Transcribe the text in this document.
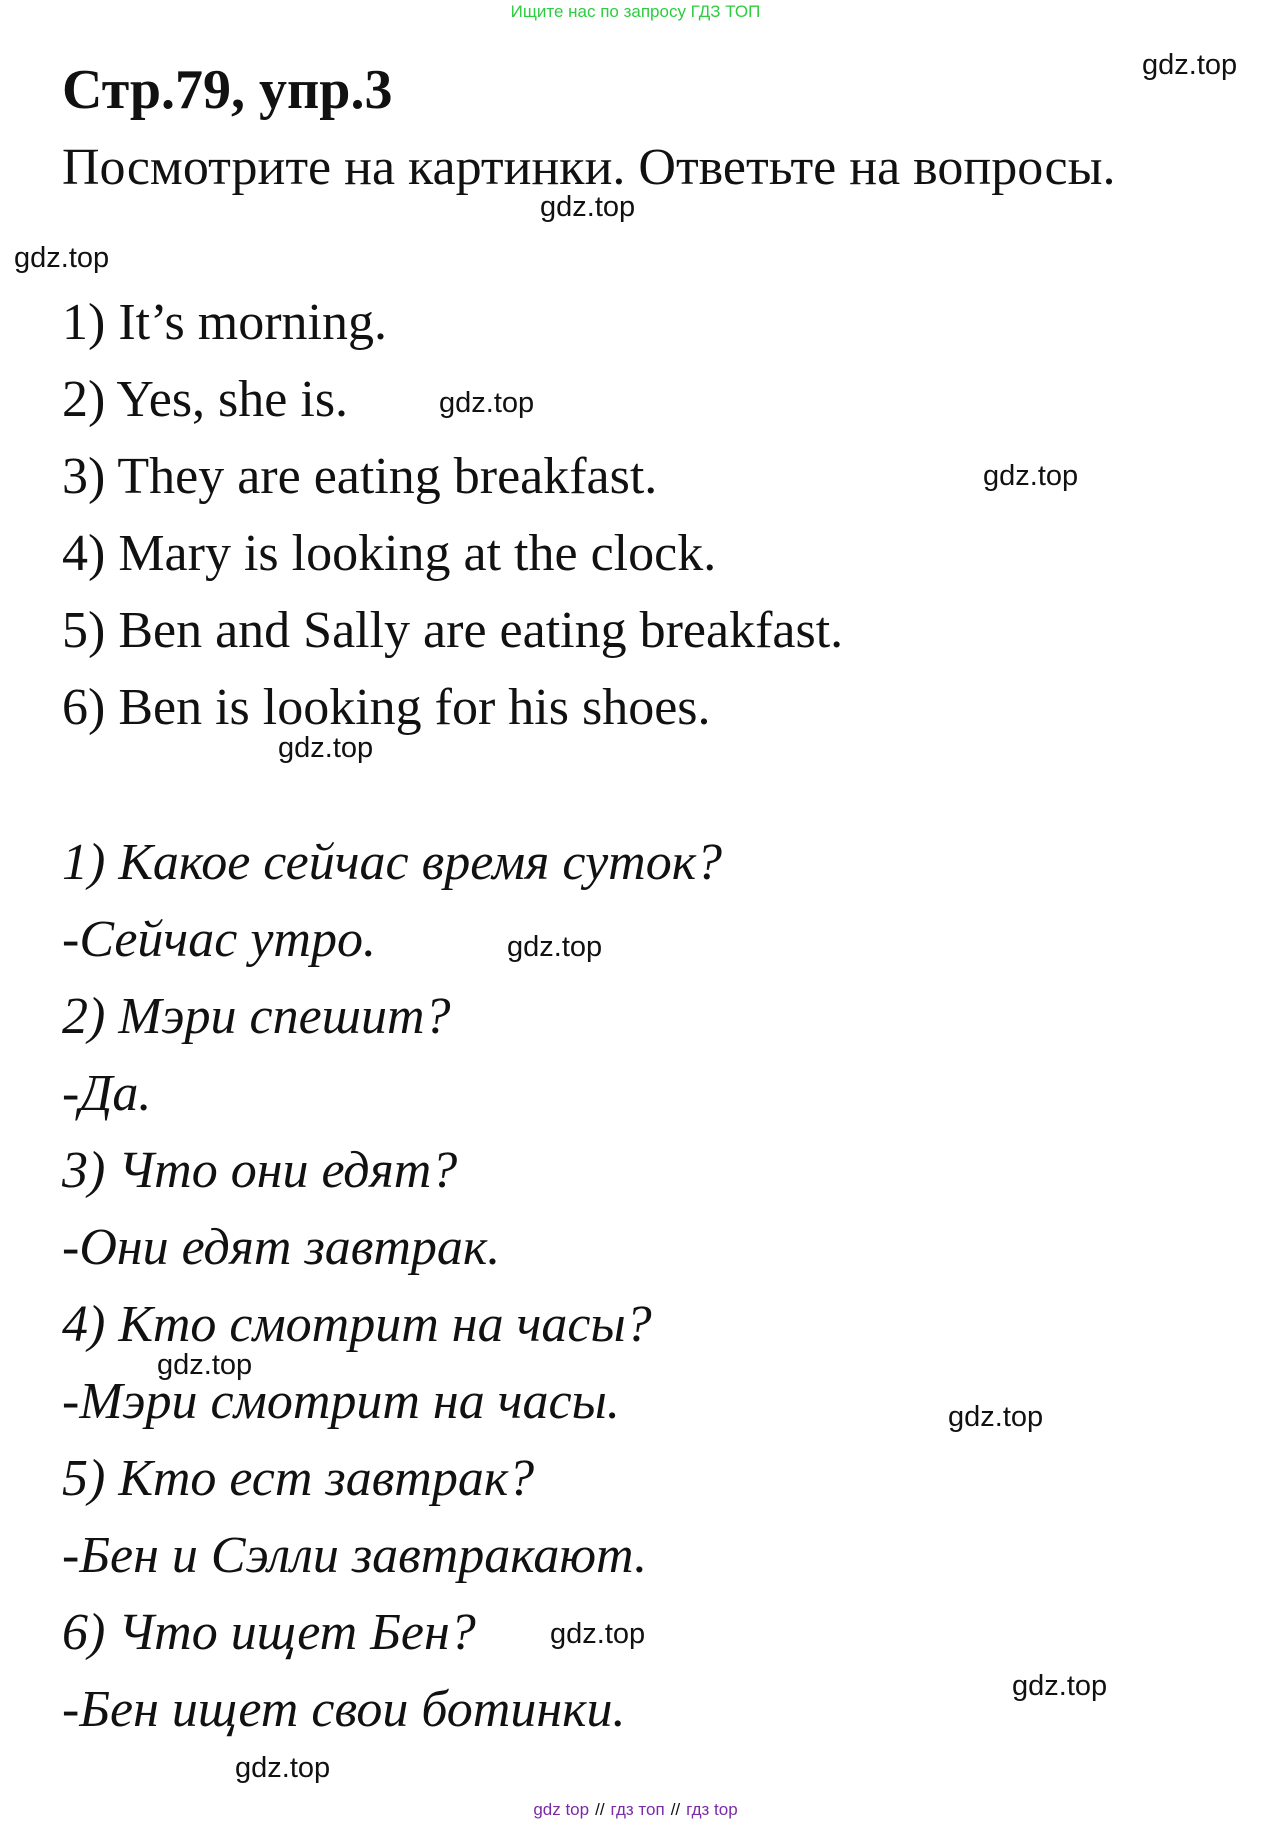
Ищите нас по запросу ГДЗ ТОП
Стр.79, упр.3
Посмотрите на картинки. Ответьте на вопросы.
1) It’s morning.
2) Yes, she is.
3) They are eating breakfast.
4) Mary is looking at the clock.
5) Ben and Sally are eating breakfast.
6) Ben is looking for his shoes.
1) Какое сейчас время суток?
-Сейчас утро.
2) Мэри спешит?
-Да.
3) Что они едят?
-Они едят завтрак.
4) Кто смотрит на часы?
-Мэри смотрит на часы.
5) Кто ест завтрак?
-Бен и Сэлли завтракают.
6) Что ищет Бен?
-Бен ищет свои ботинки.
gdz.top
gdz.top
gdz.top
gdz.top
gdz.top
gdz.top
gdz.top
gdz.top
gdz.top
gdz.top
gdz.top
gdz.top
gdz top // гдз топ // гдз top
